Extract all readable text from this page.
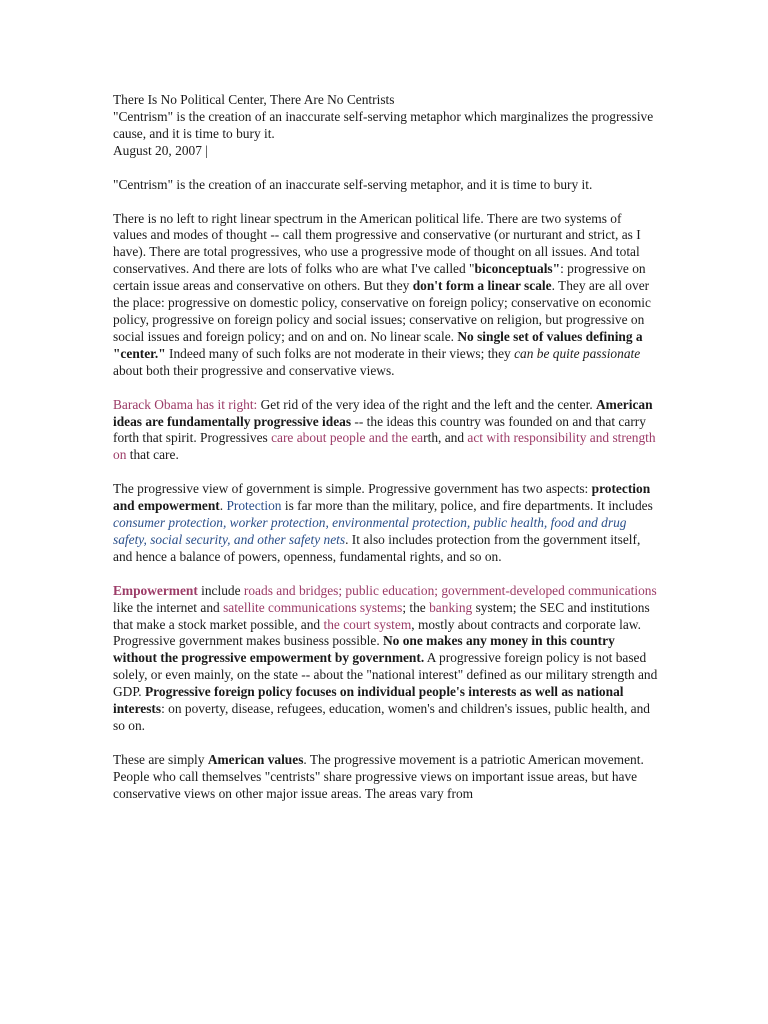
There Is No Political Center, There Are No Centrists

"Centrism" is the creation of an inaccurate self-serving metaphor which marginalizes the progressive cause, and it is time to bury it.

August 20, 2007 |

"Centrism" is the creation of an inaccurate self-serving metaphor, and it is time to bury it.

There is no left to right linear spectrum in the American political life. There are two systems of values and modes of thought -- call them progressive and conservative (or nurturant and strict, as I have). There are total progressives, who use a progressive mode of thought on all issues. And total conservatives. And there are lots of folks who are what I've called "biconceptuals": progressive on certain issue areas and conservative on others. But they don't form a linear scale. They are all over the place: progressive on domestic policy, conservative on foreign policy; conservative on economic policy, progressive on foreign policy and social issues; conservative on religion, but progressive on social issues and foreign policy; and on and on. No linear scale. No single set of values defining a "center." Indeed many of such folks are not moderate in their views; they can be quite passionate about both their progressive and conservative views.

Barack Obama has it right: Get rid of the very idea of the right and the left and the center. American ideas are fundamentally progressive ideas -- the ideas this country was founded on and that carry forth that spirit. Progressives care about people and the earth, and act with responsibility and strength on that care.

The progressive view of government is simple. Progressive government has two aspects: protection and empowerment. Protection is far more than the military, police, and fire departments. It includes consumer protection, worker protection, environmental protection, public health, food and drug safety, social security, and other safety nets. It also includes protection from the government itself, and hence a balance of powers, openness, fundamental rights, and so on.

Empowerment include roads and bridges; public education; government-developed communications like the internet and satellite communications systems; the banking system; the SEC and institutions that make a stock market possible, and the court system, mostly about contracts and corporate law. Progressive government makes business possible. No one makes any money in this country without the progressive empowerment by government. A progressive foreign policy is not based solely, or even mainly, on the state -- about the "national interest" defined as our military strength and GDP. Progressive foreign policy focuses on individual people's interests as well as national interests: on poverty, disease, refugees, education, women's and children's issues, public health, and so on.

These are simply American values. The progressive movement is a patriotic American movement. People who call themselves "centrists" share progressive views on important issue areas, but have conservative views on other major issue areas. The areas vary from
